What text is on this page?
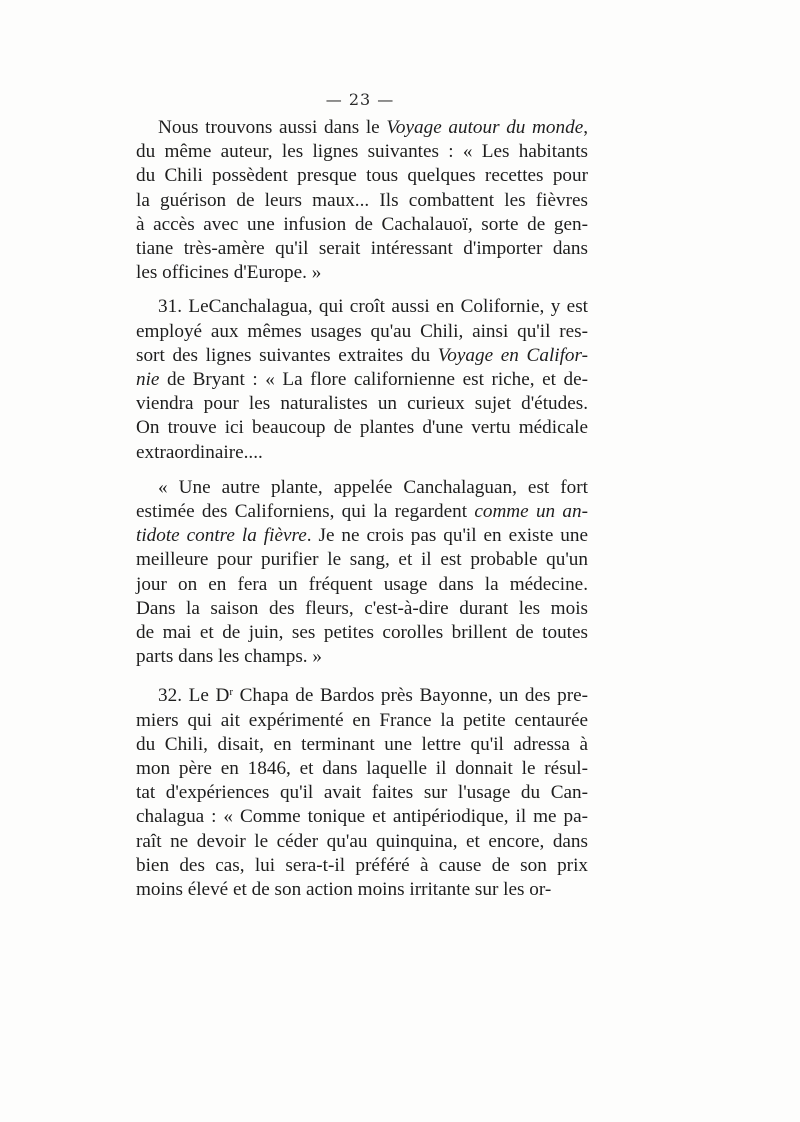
— 23 —
Nous trouvons aussi dans le Voyage autour du monde,
du même auteur, les lignes suivantes : « Les habitants
du Chili possèdent presque tous quelques recettes pour
la guérison de leurs maux... Ils combattent les fièvres
à accès avec une infusion de Cachalauoï, sorte de gen-
tiane très-amère qu'il serait intéressant d'importer dans
les officines d'Europe. »
31. LeCanchalagua, qui croît aussi en Colifornie, y est
employé aux mêmes usages qu'au Chili, ainsi qu'il res-
sort des lignes suivantes extraites du Voyage en Califor-
nie de Bryant : « La flore californienne est riche, et de-
viendra pour les naturalistes un curieux sujet d'études.
On trouve ici beaucoup de plantes d'une vertu médicale
extraordinaire....
« Une autre plante, appelée Canchalaguan, est fort
estimée des Californiens, qui la regardent comme un an-
tidote contre la fièvre. Je ne crois pas qu'il en existe une
meilleure pour purifier le sang, et il est probable qu'un
jour on en fera un fréquent usage dans la médecine.
Dans la saison des fleurs, c'est-à-dire durant les mois
de mai et de juin, ses petites corolles brillent de toutes
parts dans les champs. »
32. Le $D^r$ Chapa de Bardos près Bayonne, un des pre-
miers qui ait expérimenté en France la petite centaurée
du Chili, disait, en terminant une lettre qu'il adressa à
mon père en 1846, et dans laquelle il donnait le résul-
tat d'expériences qu'il avait faites sur l'usage du Can-
chalagua : « Comme tonique et antipériodique, il me pa-
raît ne devoir le céder qu'au quinquina, et encore, dans
bien des cas, lui sera-t-il préféré à cause de son prix
moins élevé et de son action moins irritante sur les or-
